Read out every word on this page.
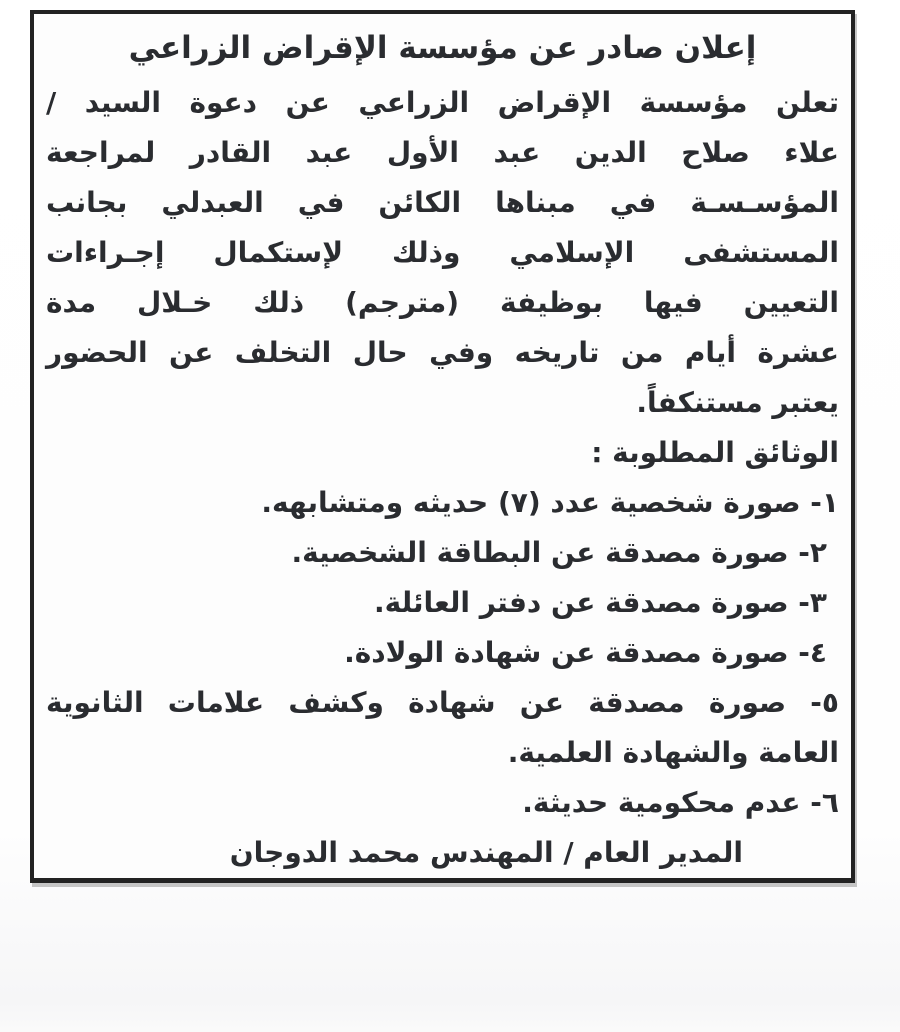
إعلان صادر عن مؤسسة الإقراض الزراعي
تعلن مؤسسة الإقراض الزراعي عن دعوة السيد /
علاء صلاح الدين عبد الأول عبد القادر لمراجعة
المؤسـسـة في مبناها الكائن في العبدلي بجانب
المستشفى الإسلامي وذلك لإستكمال إجـراءات
التعيين فيها بوظيفة (مترجم) ذلك خـلال مدة
عشرة أيام من تاريخه وفي حال التخلف عن الحضور
يعتبر مستنكفاً.
الوثائق المطلوبة :
١- صورة شخصية عدد (٧) حديثه ومتشابهه.
٢- صورة مصدقة عن البطاقة الشخصية.
٣- صورة مصدقة عن دفتر العائلة.
٤- صورة مصدقة عن شهادة الولادة.
٥- صورة مصدقة عن شهادة وكشف علامات الثانوية
العامة والشهادة العلمية.
٦- عدم محكومية حديثة.
المدير العام / المهندس محمد الدوجان
